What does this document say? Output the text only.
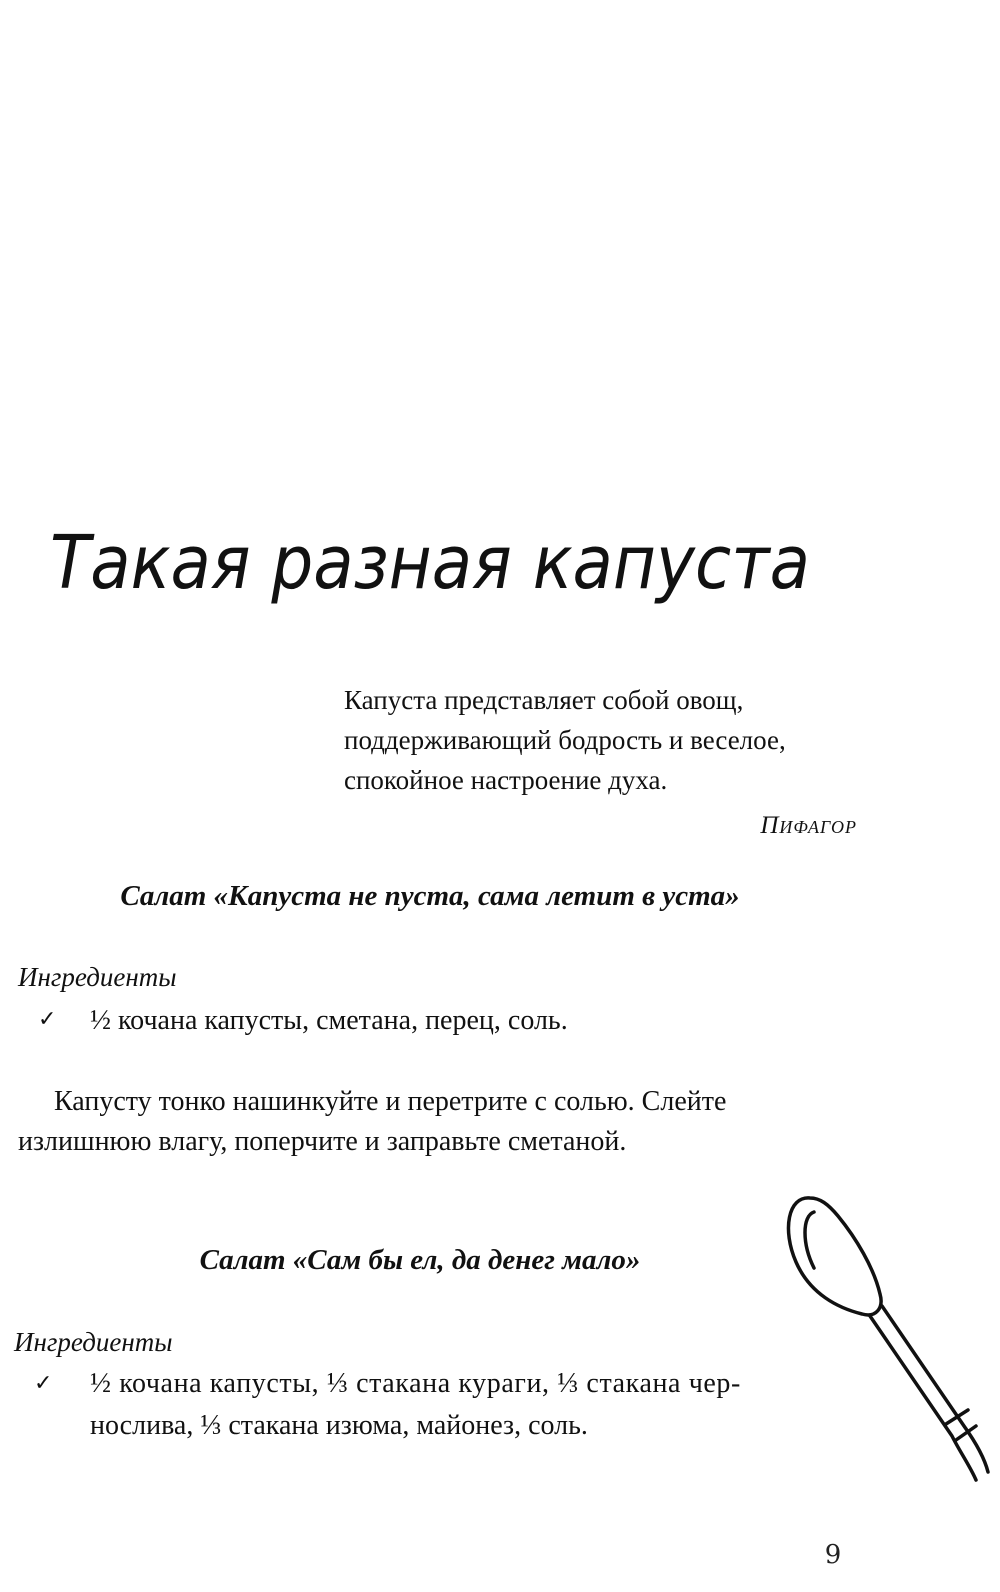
Такая разная капуста
Капуста представляет собой овощ,
поддерживающий бодрость и веселое,
спокойное настроение духа.
Пифагор
Салат «Капуста не пуста, сама летит в уста»
Ингредиенты
✓ ½ кочана капусты, сметана, перец, соль.
Капусту тонко нашинкуйте и перетрите с солью. Слейте
излишнюю влагу, поперчите и заправьте сметаной.
Салат «Сам бы ел, да денег мало»
Ингредиенты
✓ ½ кочана капусты, ⅓ стакана кураги, ⅓ стакана чер-
нослива, ⅓ стакана изюма, майонез, соль.
9
